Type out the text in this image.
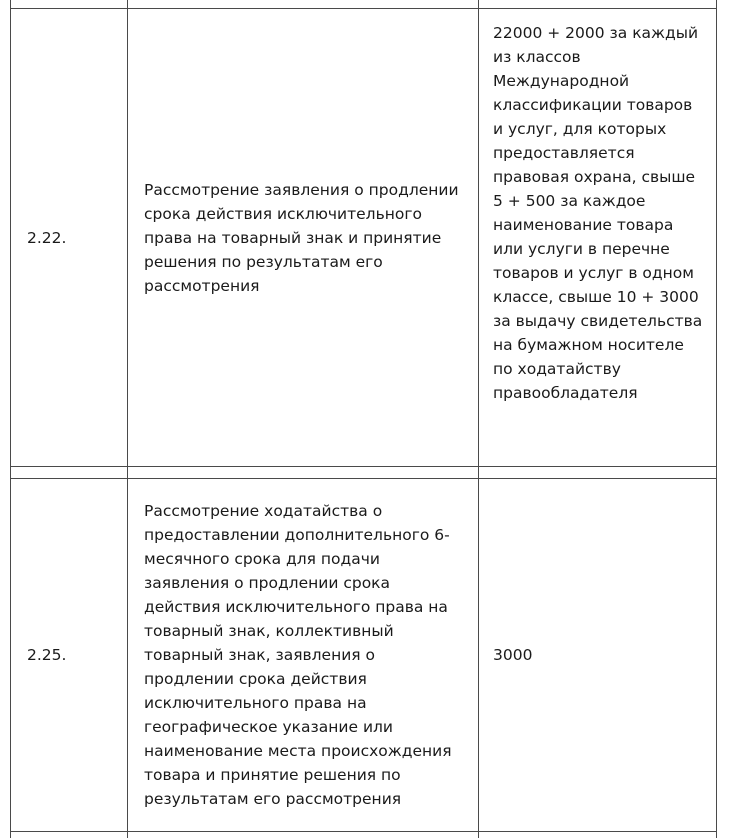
2.22.	Рассмотрение заявления о продлении срока действия исключительного права на товарный знак и принятие решения по результатам его рассмотрения	22000 + 2000 за каждый из классов Международной классификации товаров и услуг, для которых предоставляется правовая охрана, свыше 5 + 500 за каждое наименование товара или услуги в перечне товаров и услуг в одном классе, свыше 10 + 3000 за выдачу свидетельства на бумажном носителе по ходатайству правообладателя

2.25.	Рассмотрение ходатайства о предоставлении дополнительного 6-месячного срока для подачи заявления о продлении срока действия исключительного права на товарный знак, коллективный товарный знак, заявления о продлении срока действия исключительного права на географическое указание или наименование места происхождения товара и принятие решения по результатам его рассмотрения	3000
